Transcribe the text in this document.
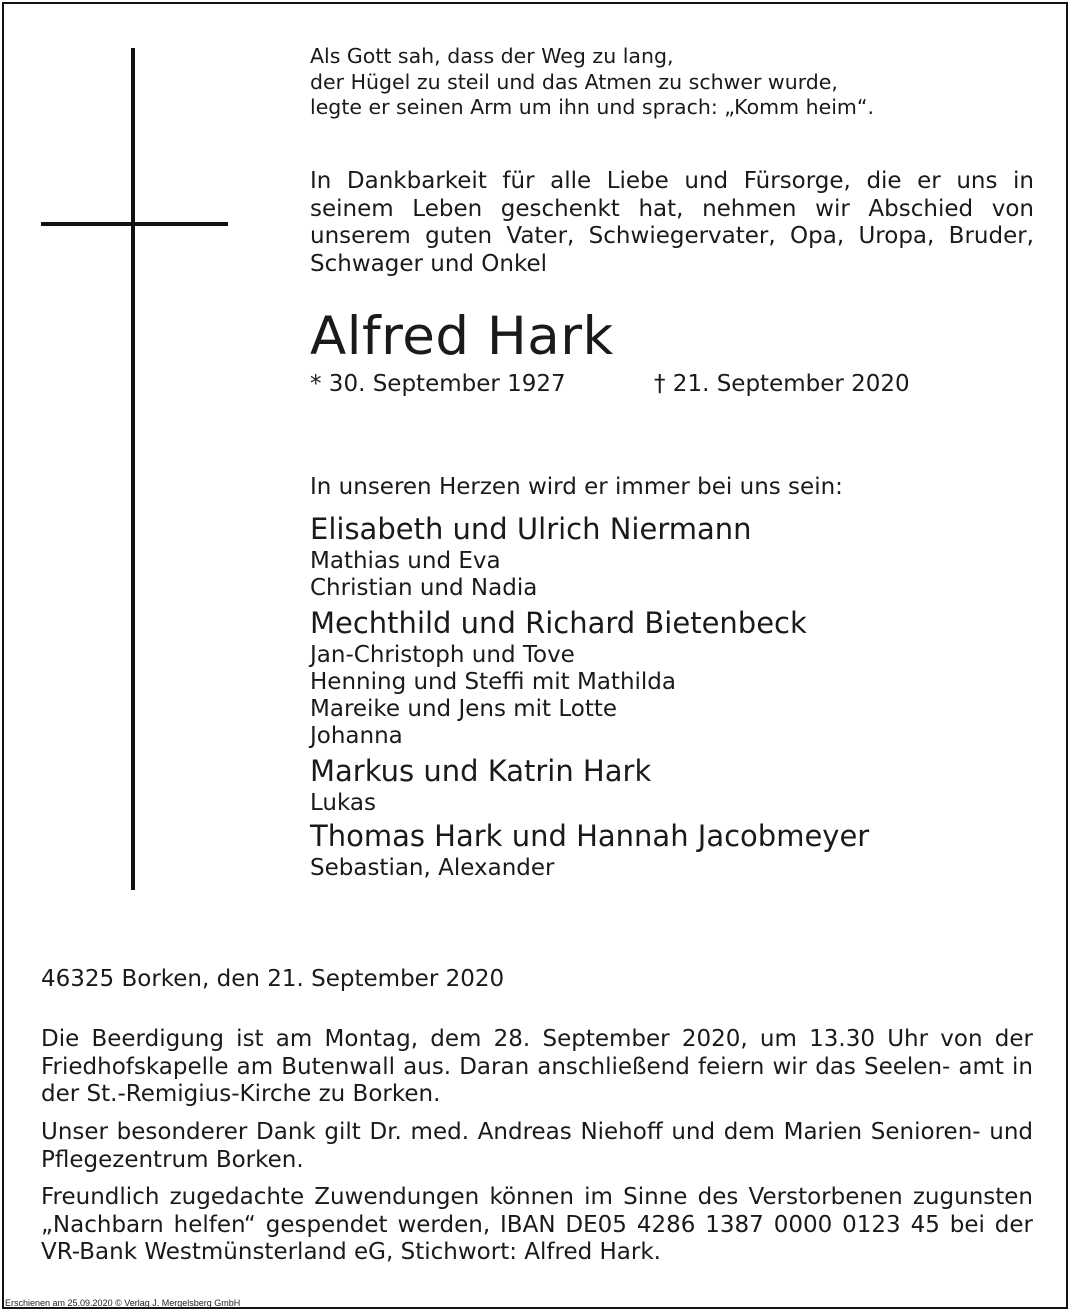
Als Gott sah, dass der Weg zu lang,
der Hügel zu steil und das Atmen zu schwer wurde,
legte er seinen Arm um ihn und sprach: „Komm heim“.
In Dankbarkeit für alle Liebe und Fürsorge, die er uns in seinem Leben geschenkt hat, nehmen wir Abschied von unserem guten Vater, Schwiegervater, Opa, Uropa, Bruder, Schwager und Onkel
Alfred Hark
* 30. September 1927	† 21. September 2020
In unseren Herzen wird er immer bei uns sein:
Elisabeth und Ulrich Niermann
Mathias und Eva
Christian und Nadia
Mechthild und Richard Bietenbeck
Jan-Christoph und Tove
Henning und Steffi mit Mathilda
Mareike und Jens mit Lotte
Johanna
Markus und Katrin Hark
Lukas
Thomas Hark und Hannah Jacobmeyer
Sebastian, Alexander
46325 Borken, den 21. September 2020
Die Beerdigung ist am Montag, dem 28. September 2020, um 13.30 Uhr von der Friedhofskapelle am Butenwall aus. Daran anschließend feiern wir das Seelen- amt in der St.-Remigius-Kirche zu Borken.
Unser besonderer Dank gilt Dr. med. Andreas Niehoff und dem Marien Senioren- und Pflegezentrum Borken.
Freundlich zugedachte Zuwendungen können im Sinne des Verstorbenen zugunsten „Nachbarn helfen“ gespendet werden, IBAN DE05 4286 1387 0000 0123 45 bei der VR-Bank Westmünsterland eG, Stichwort: Alfred Hark.
Erschienen am 25.09.2020 © Verlag J. Mergelsberg GmbH
